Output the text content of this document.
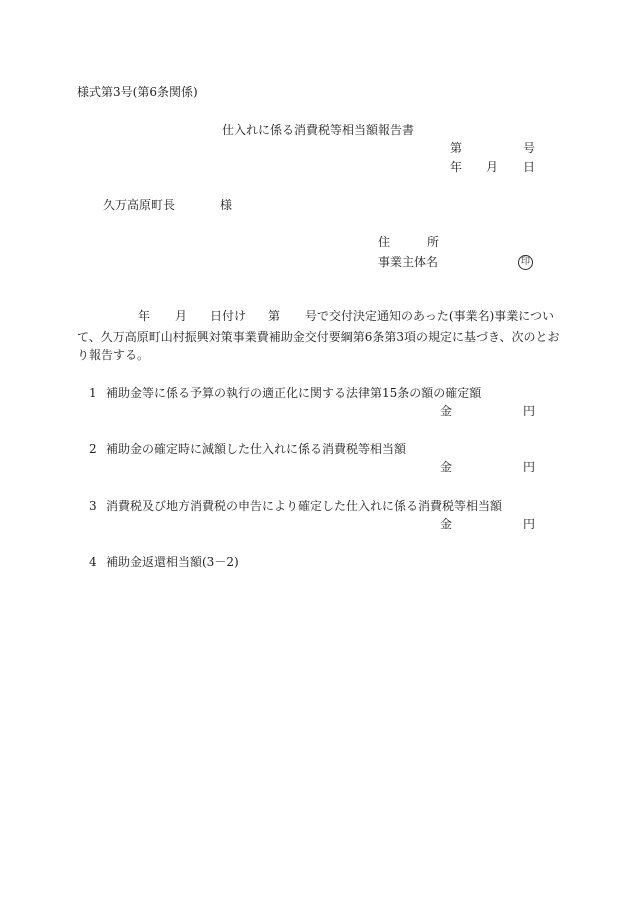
様式第3号(第6条関係)
仕入れに係る消費税等相当額報告書
第	号
年 月 日
久万高原町長	様
住	所
事業主体名	印
年 月 日付け 第 号で交付決定通知のあった(事業名)事業につい
て、久万高原町山村振興対策事業費補助金交付要綱第6条第3項の規定に基づき、次のとお
り報告する。
1 補助金等に係る予算の執行の適正化に関する法律第15条の額の確定額
金	円
2 補助金の確定時に減額した仕入れに係る消費税等相当額
金	円
3 消費税及び地方消費税の申告により確定した仕入れに係る消費税等相当額
金	円
4 補助金返還相当額(3－2)
